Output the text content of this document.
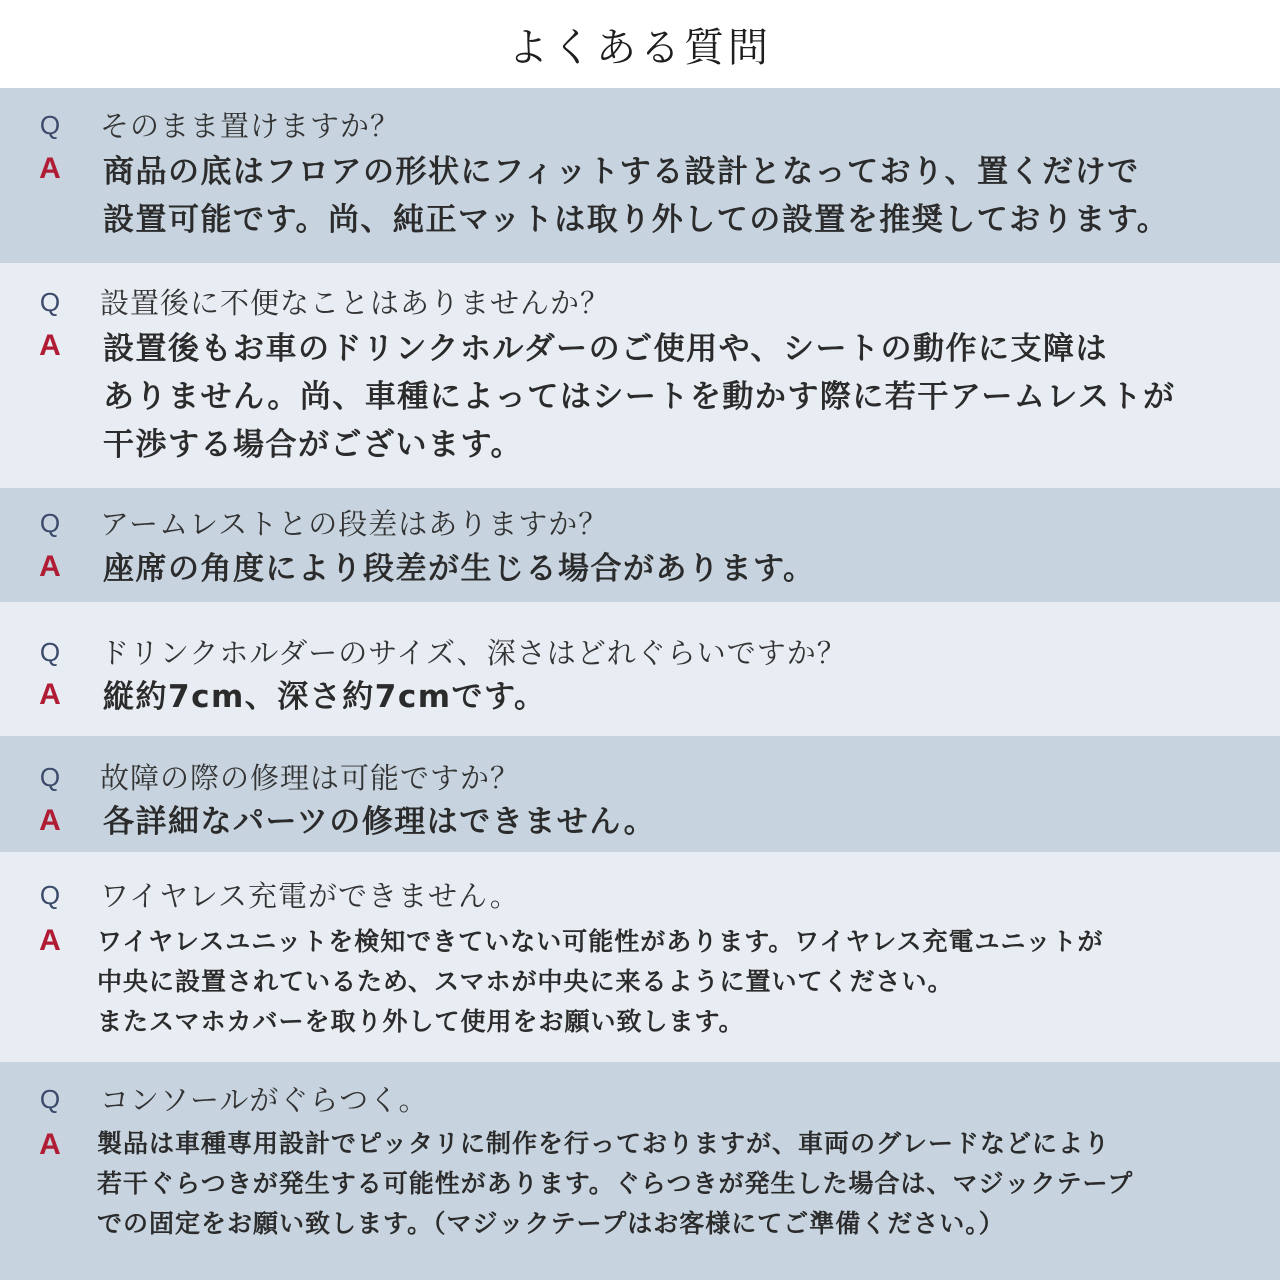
よくある質問
Q そのまま置けますか？
A 商品の底はフロアの形状にフィットする設計となっており、置くだけで
設置可能です。尚、純正マットは取り外しての設置を推奨しております。
Q 設置後に不便なことはありませんか？
A 設置後もお車のドリンクホルダーのご使用や、シートの動作に支障は
ありません。尚、車種によってはシートを動かす際に若干アームレストが
干渉する場合がございます。
Q アームレストとの段差はありますか？
A 座席の角度により段差が生じる場合があります。
Q ドリンクホルダーのサイズ、深さはどれぐらいですか？
A 縦約7cm、深さ約7cmです。
Q 故障の際の修理は可能ですか？
A 各詳細なパーツの修理はできません。
Q ワイヤレス充電ができません。
A ワイヤレスユニットを検知できていない可能性があります。ワイヤレス充電ユニットが
中央に設置されているため、スマホが中央に来るように置いてください。
またスマホカバーを取り外して使用をお願い致します。
Q コンソールがぐらつく。
A 製品は車種専用設計でピッタリに制作を行っておりますが、車両のグレードなどにより
若干ぐらつきが発生する可能性があります。ぐらつきが発生した場合は、マジックテープ
での固定をお願い致します。（マジックテープはお客様にてご準備ください。）
